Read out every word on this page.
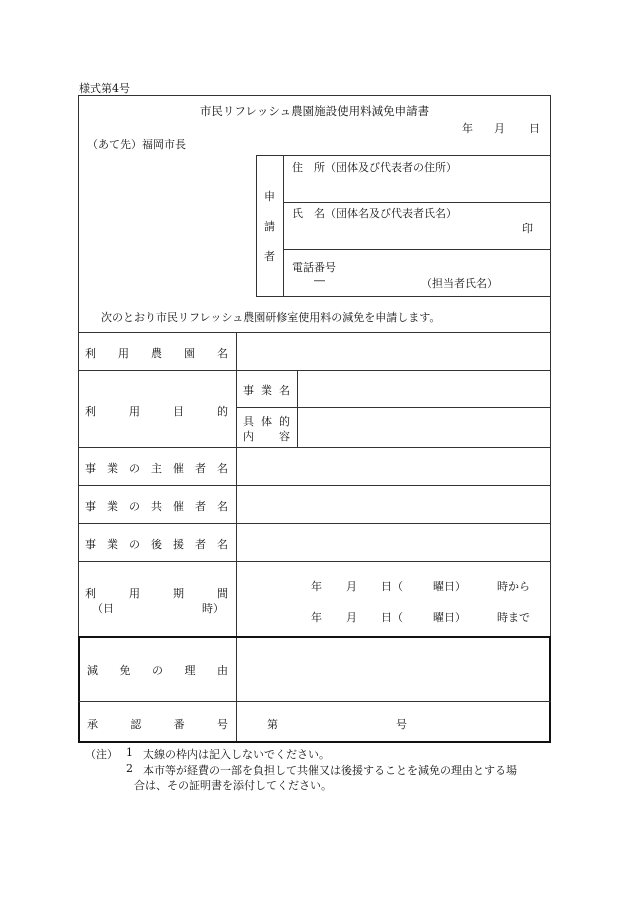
様式第4号
市民リフレッシュ農園施設使用料減免申請書
年 月 日
（あて先）福岡市長
申
請
者
住　所（団体及び代表者の住所）
氏　名（団体名及び代表者氏名）
印
電話番号
―	（担当者氏名）
次のとおり市民リフレッシュ農園研修室使用料の減免を申請します。
利 用 農 園 名
利	用	目	的
事 業 名
具 体 的
内 容
事 業 の 主 催 者 名
事 業 の 共 催 者 名
事 業 の 後 援 者 名
利	用	期	間
（日	時）
年 月 日（	曜日）	時から
年 月 日（	曜日）	時まで
減 免 の 理 由
承	認	番	号	第	号
（注） 1 太線の枠内は記入しないでください。
2 本市等が経費の一部を負担して共催又は後援することを減免の理由とする場
合は、その証明書を添付してください。
